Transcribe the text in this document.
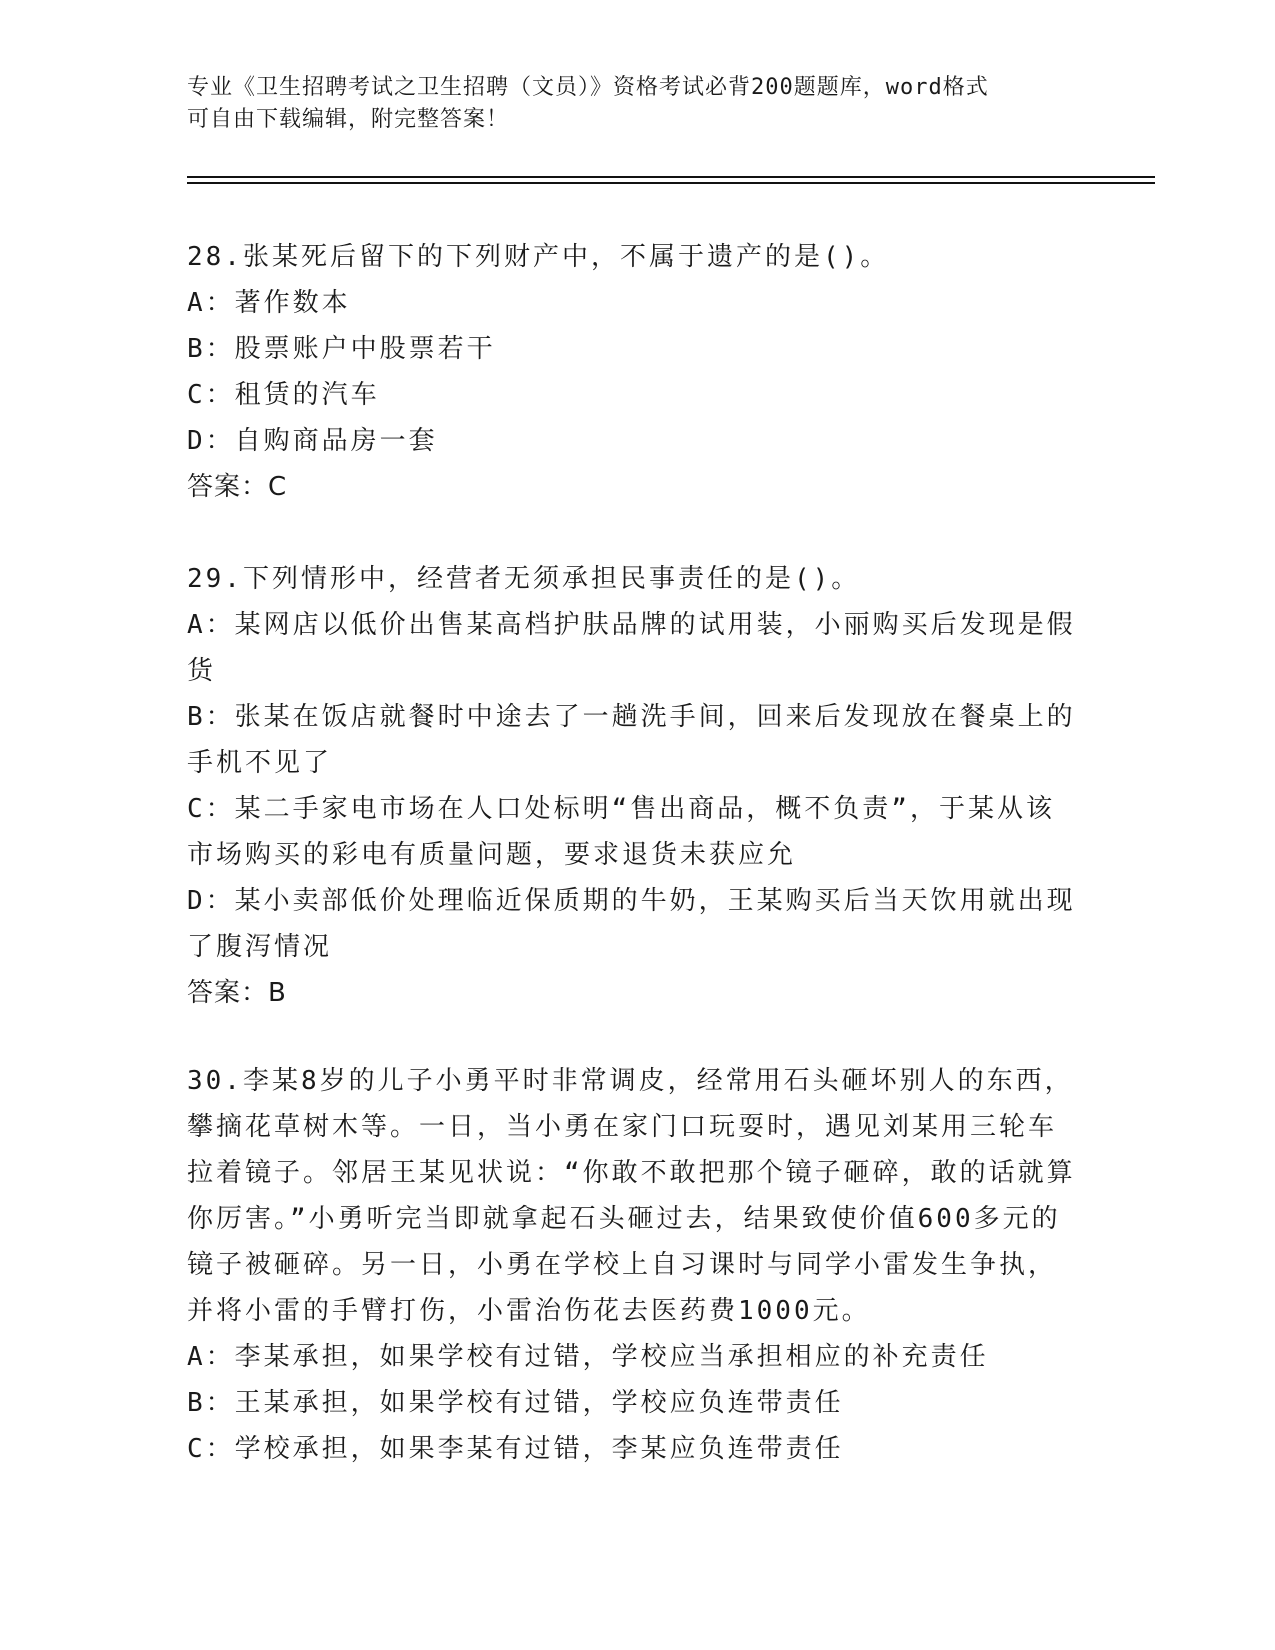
专业《卫生招聘考试之卫生招聘（文员）》资格考试必背200题题库，word格式
可自由下载编辑，附完整答案！

28.张某死后留下的下列财产中，不属于遗产的是()。

A：著作数本

B：股票账户中股票若干

C：租赁的汽车

D：自购商品房一套

答案：C

29.下列情形中，经营者无须承担民事责任的是()。

A：某网店以低价出售某高档护肤品牌的试用装，小丽购买后发现是假货

B：张某在饭店就餐时中途去了一趟洗手间，回来后发现放在餐桌上的手机不见了

C：某二手家电市场在人口处标明“售出商品，概不负责”，于某从该市场购买的彩电有质量问题，要求退货未获应允

D：某小卖部低价处理临近保质期的牛奶，王某购买后当天饮用就出现了腹泻情况

答案：B

30.李某8岁的儿子小勇平时非常调皮，经常用石头砸坏别人的东西，攀摘花草树木等。一日，当小勇在家门口玩耍时，遇见刘某用三轮车拉着镜子。邻居王某见状说：“你敢不敢把那个镜子砸碎，敢的话就算你厉害。”小勇听完当即就拿起石头砸过去，结果致使价值600多元的镜子被砸碎。另一日，小勇在学校上自习课时与同学小雷发生争执，并将小雷的手臂打伤，小雷治伤花去医药费1000元。

A：李某承担，如果学校有过错，学校应当承担相应的补充责任

B：王某承担，如果学校有过错，学校应负连带责任

C：学校承担，如果李某有过错，李某应负连带责任
